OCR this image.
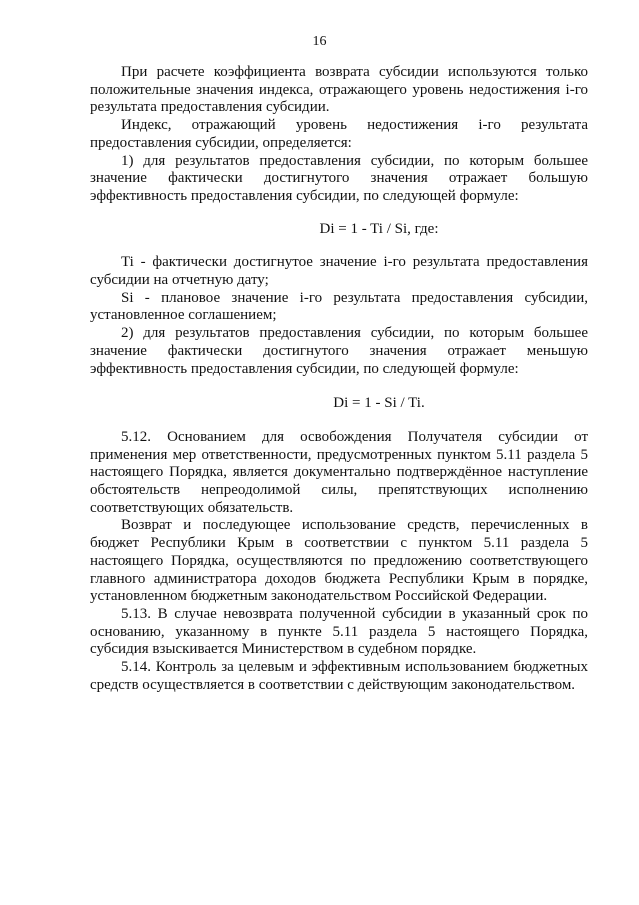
16

При расчете коэффициента возврата субсидии используются только положительные значения индекса, отражающего уровень недостижения i-го результата предоставления субсидии.

Индекс, отражающий уровень недостижения i-го результата предоставления субсидии, определяется:

1) для результатов предоставления субсидии, по которым большее значение фактически достигнутого значения отражает большую эффективность предоставления субсидии, по следующей формуле:

Di = 1 - Ti / Si, где:

Ti - фактически достигнутое значение i-го результата предоставления субсидии на отчетную дату;

Si - плановое значение i-го результата предоставления субсидии, установленное соглашением;

2) для результатов предоставления субсидии, по которым большее значение фактически достигнутого значения отражает меньшую эффективность предоставления субсидии, по следующей формуле:

Di = 1 - Si / Ti.

5.12. Основанием для освобождения Получателя субсидии от применения мер ответственности, предусмотренных пунктом 5.11 раздела 5 настоящего Порядка, является документально подтверждённое наступление обстоятельств непреодолимой силы, препятствующих исполнению соответствующих обязательств.

Возврат и последующее использование средств, перечисленных в бюджет Республики Крым в соответствии с пунктом 5.11 раздела 5 настоящего Порядка, осуществляются по предложению соответствующего главного администратора доходов бюджета Республики Крым в порядке, установленном бюджетным законодательством Российской Федерации.

5.13. В случае невозврата полученной субсидии в указанный срок по основанию, указанному в пункте 5.11 раздела 5 настоящего Порядка, субсидия взыскивается Министерством в судебном порядке.

5.14. Контроль за целевым и эффективным использованием бюджетных средств осуществляется в соответствии с действующим законодательством.
